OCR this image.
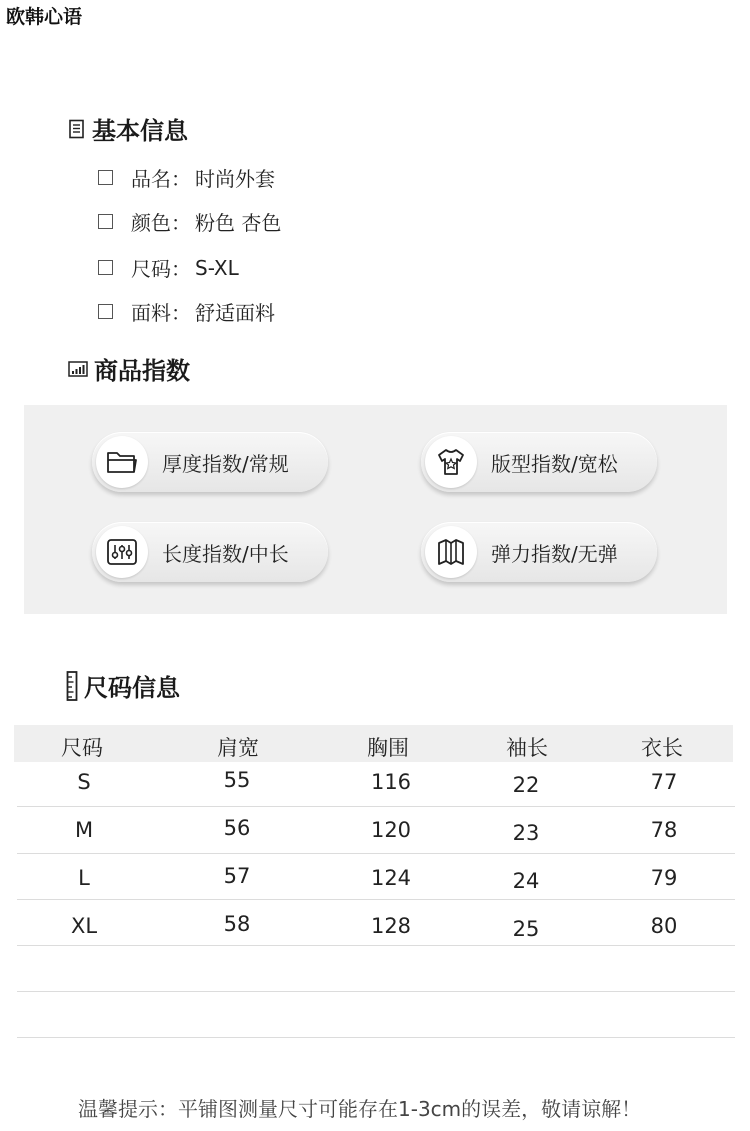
欧韩心语
基本信息
品名： 时尚外套
颜色： 粉色 杏色
尺码： S-XL
面料： 舒适面料
商品指数
厚度指数/常规	版型指数/宽松
长度指数/中长	弹力指数/无弹
尺码信息
尺码	肩宽	胸围	袖长	衣长
S	55	116	22	77
M	56	120	23	78
L	57	124	24	79
XL	58	128	25	80
温馨提示：平铺图测量尺寸可能存在1-3cm的误差，敬请谅解！
